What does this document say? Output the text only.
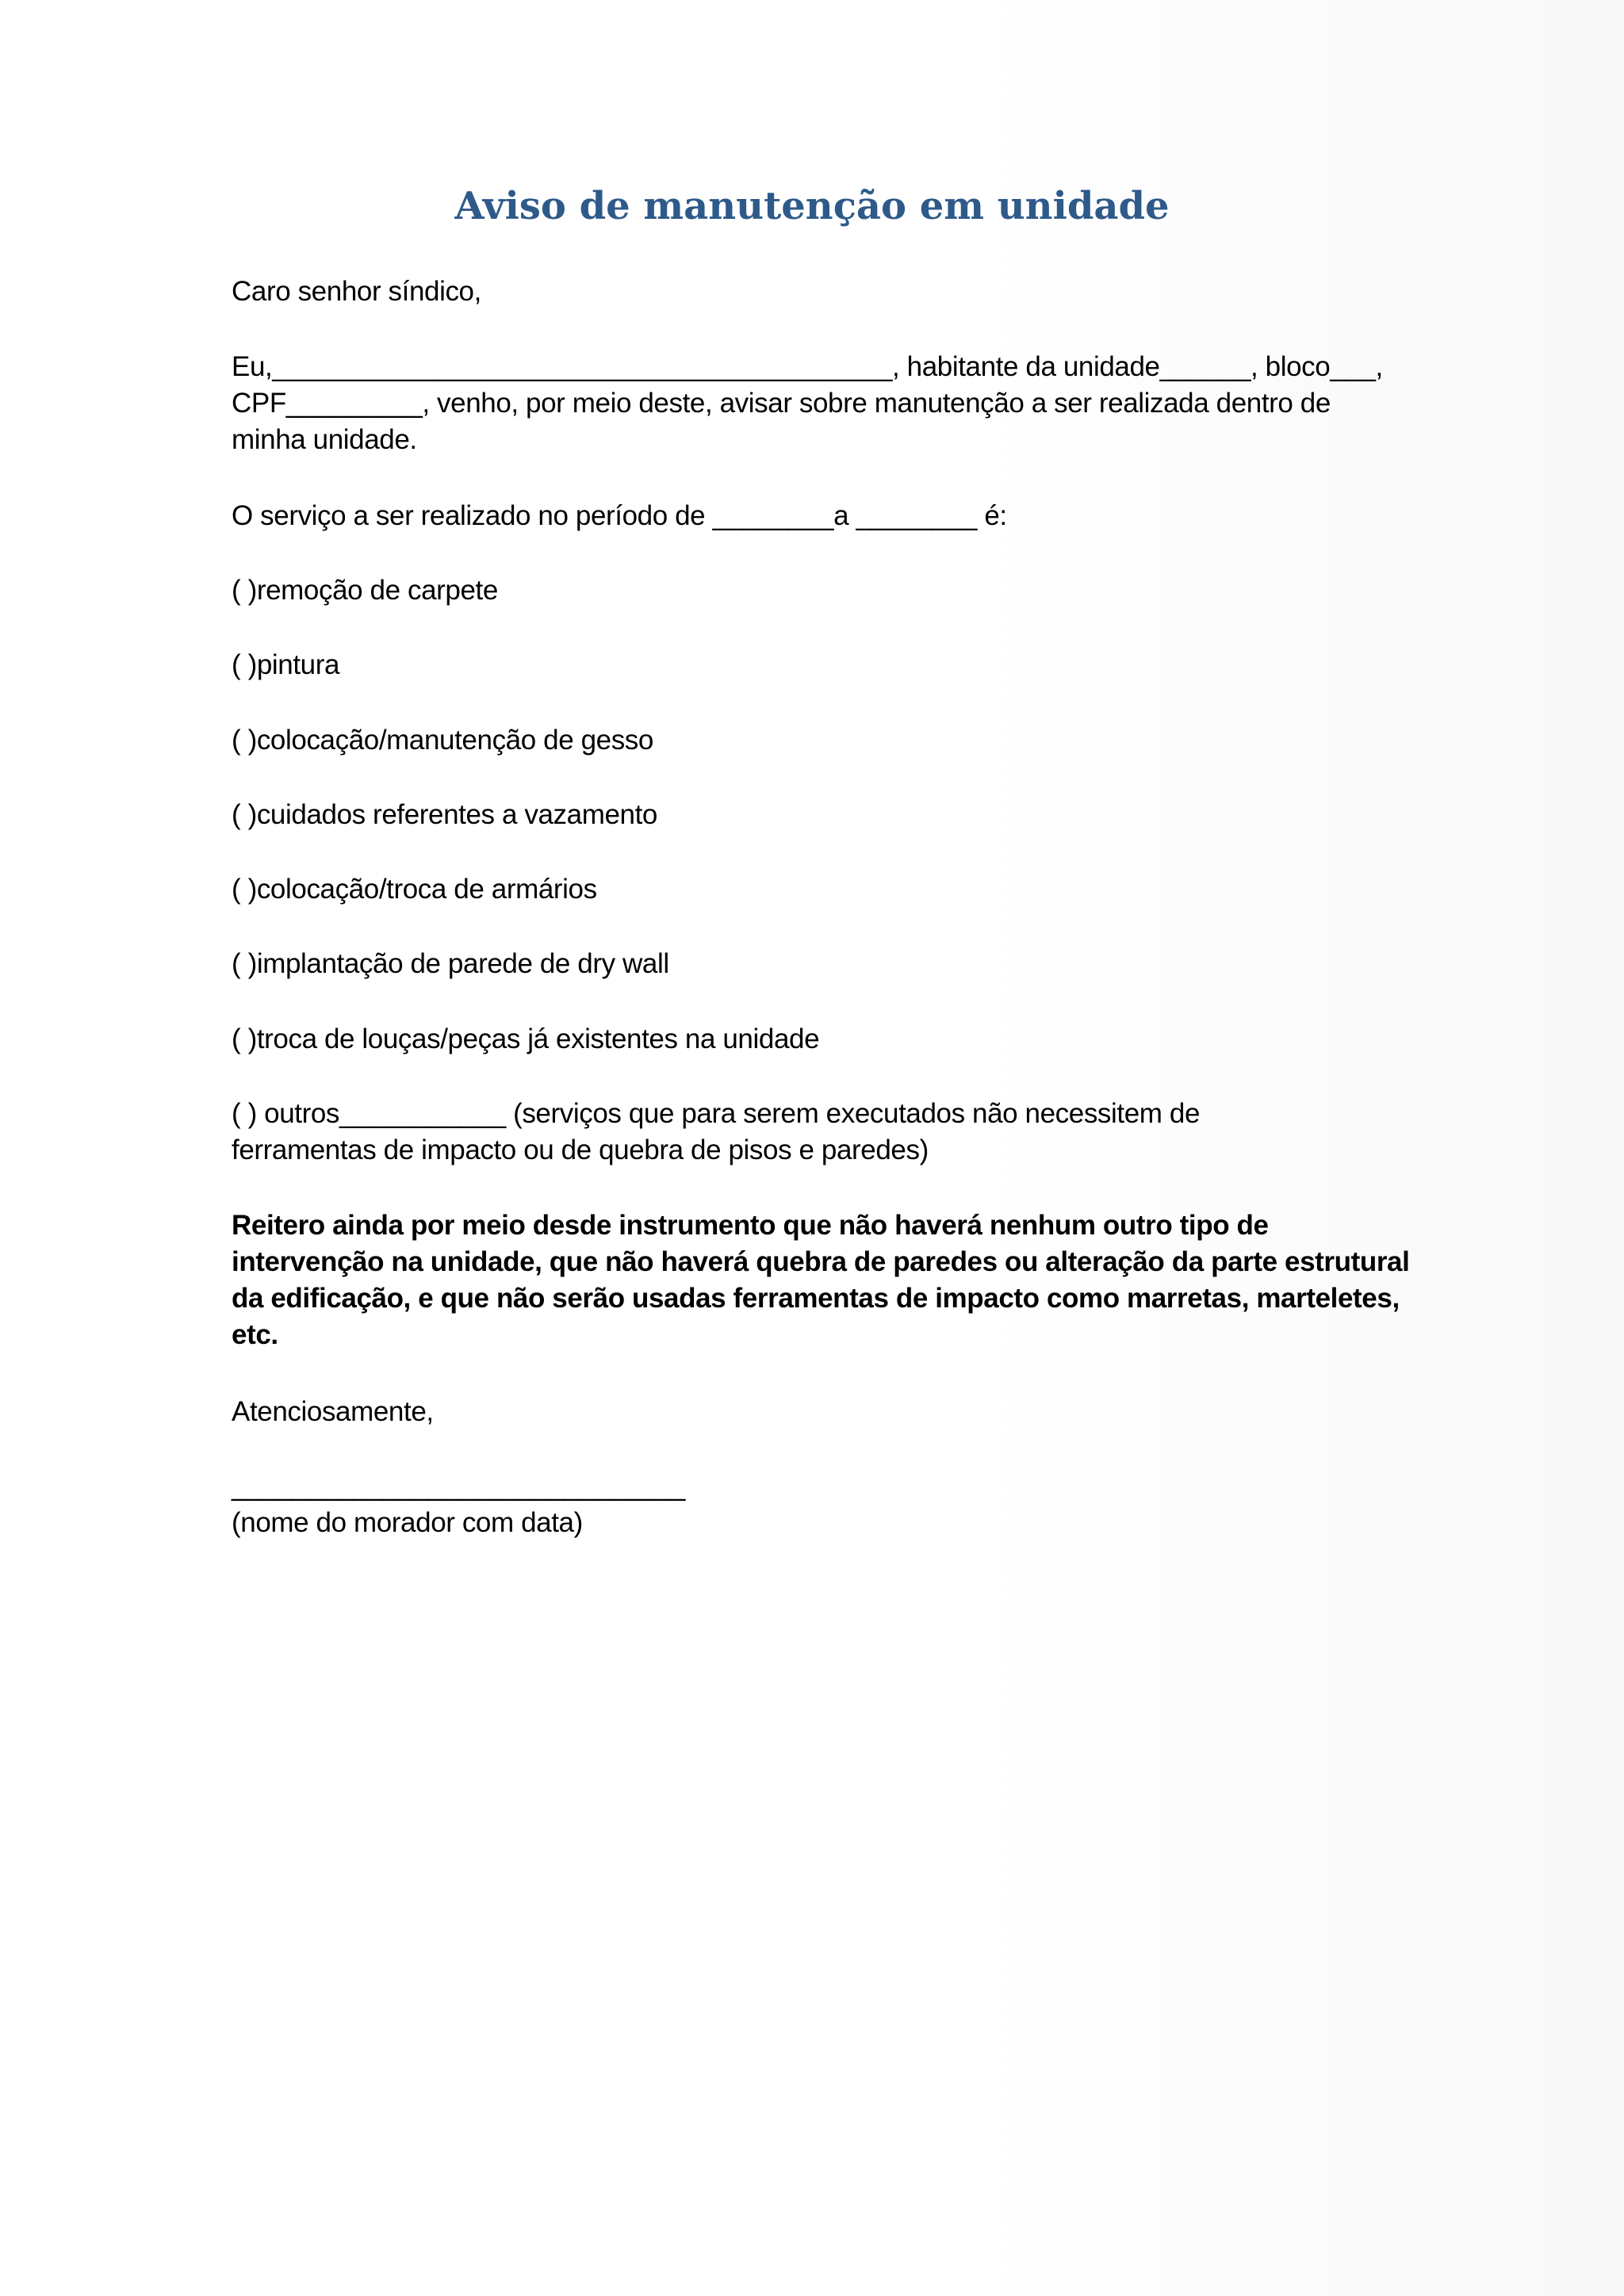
Aviso de manutenção em unidade
Caro senhor síndico,
Eu,_________________________________________, habitante da unidade______, bloco___,
CPF_________, venho, por meio deste, avisar sobre manutenção a ser realizada dentro de
minha unidade.
O serviço a ser realizado no período de ________a ________ é:
( )remoção de carpete
( )pintura
( )colocação/manutenção de gesso
( )cuidados referentes a vazamento
( )colocação/troca de armários
( )implantação de parede de dry wall
( )troca de louças/peças já existentes na unidade
( ) outros___________ (serviços que para serem executados não necessitem de
ferramentas de impacto ou de quebra de pisos e paredes)
Reitero ainda por meio desde instrumento que não haverá nenhum outro tipo de
intervenção na unidade, que não haverá quebra de paredes ou alteração da parte estrutural
da edificação, e que não serão usadas ferramentas de impacto como marretas, marteletes,
etc.
Atenciosamente,
______________________________
(nome do morador com data)
